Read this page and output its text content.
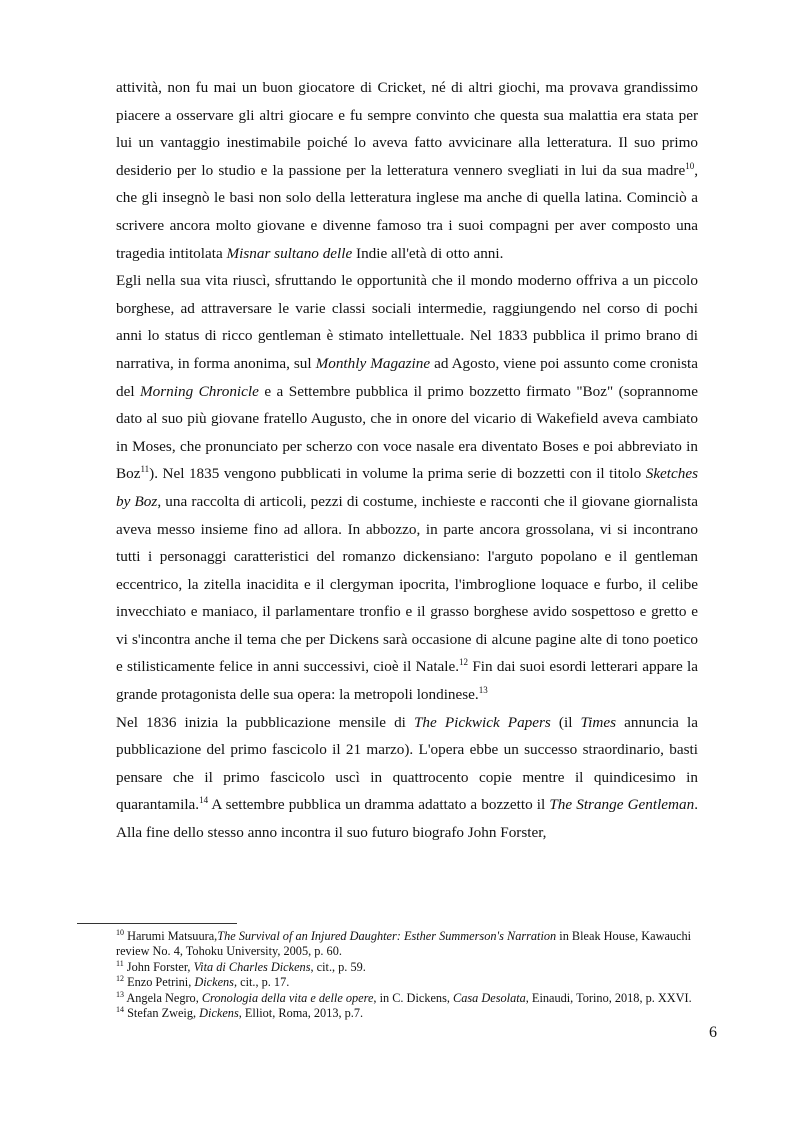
attività, non fu mai un buon giocatore di Cricket, né di altri giochi, ma provava grandissimo piacere a osservare gli altri giocare e fu sempre convinto che questa sua malattia era stata per lui un vantaggio inestimabile poiché lo aveva fatto avvicinare alla letteratura. Il suo primo desiderio per lo studio e la passione per la letteratura vennero svegliati in lui da sua madre$^{10}$, che gli insegnò le basi non solo della letteratura inglese ma anche di quella latina. Cominciò a scrivere ancora molto giovane e divenne famoso tra i suoi compagni per aver composto una tragedia intitolata Misnar sultano delle Indie all'età di otto anni.

Egli nella sua vita riuscì, sfruttando le opportunità che il mondo moderno offriva a un piccolo borghese, ad attraversare le varie classi sociali intermedie, raggiungendo nel corso di pochi anni lo status di ricco gentleman è stimato intellettuale. Nel 1833 pubblica il primo brano di narrativa, in forma anonima, sul Monthly Magazine ad Agosto, viene poi assunto come cronista del Morning Chronicle e a Settembre pubblica il primo bozzetto firmato "Boz" (soprannome dato al suo più giovane fratello Augusto, che in onore del vicario di Wakefield aveva cambiato in Moses, che pronunciato per scherzo con voce nasale era diventato Boses e poi abbreviato in Boz$^{11}$). Nel 1835 vengono pubblicati in volume la prima serie di bozzetti con il titolo Sketches by Boz, una raccolta di articoli, pezzi di costume, inchieste e racconti che il giovane giornalista aveva messo insieme fino ad allora. In abbozzo, in parte ancora grossolana, vi si incontrano tutti i personaggi caratteristici del romanzo dickensiano: l'arguto popolano e il gentleman eccentrico, la zitella inacidita e il clergyman ipocrita, l'imbroglione loquace e furbo, il celibe invecchiato e maniaco, il parlamentare tronfio e il grasso borghese avido sospettoso e gretto e vi s'incontra anche il tema che per Dickens sarà occasione di alcune pagine alte di tono poetico e stilisticamente felice in anni successivi, cioè il Natale.$^{12}$ Fin dai suoi esordi letterari appare la grande protagonista delle sua opera: la metropoli londinese.$^{13}$

Nel 1836 inizia la pubblicazione mensile di The Pickwick Papers (il Times annuncia la pubblicazione del primo fascicolo il 21 marzo). L'opera ebbe un successo straordinario, basti pensare che il primo fascicolo uscì in quattrocento copie mentre il quindicesimo in quarantamila.$^{14}$ A settembre pubblica un dramma adattato a bozzetto il The Strange Gentleman. Alla fine dello stesso anno incontra il suo futuro biografo John Forster,

$^{10}$ Harumi Matsuura,The Survival of an Injured Daughter: Esther Summerson's Narration in Bleak House, Kawauchi review No. 4, Tohoku University, 2005, p. 60.

$^{11}$ John Forster, Vita di Charles Dickens, cit., p. 59.

$^{12}$ Enzo Petrini, Dickens, cit., p. 17.

$^{13}$ Angela Negro, Cronologia della vita e delle opere, in C. Dickens, Casa Desolata, Einaudi, Torino, 2018, p. XXVI.

$^{14}$ Stefan Zweig, Dickens, Elliot, Roma, 2013, p.7.

6
